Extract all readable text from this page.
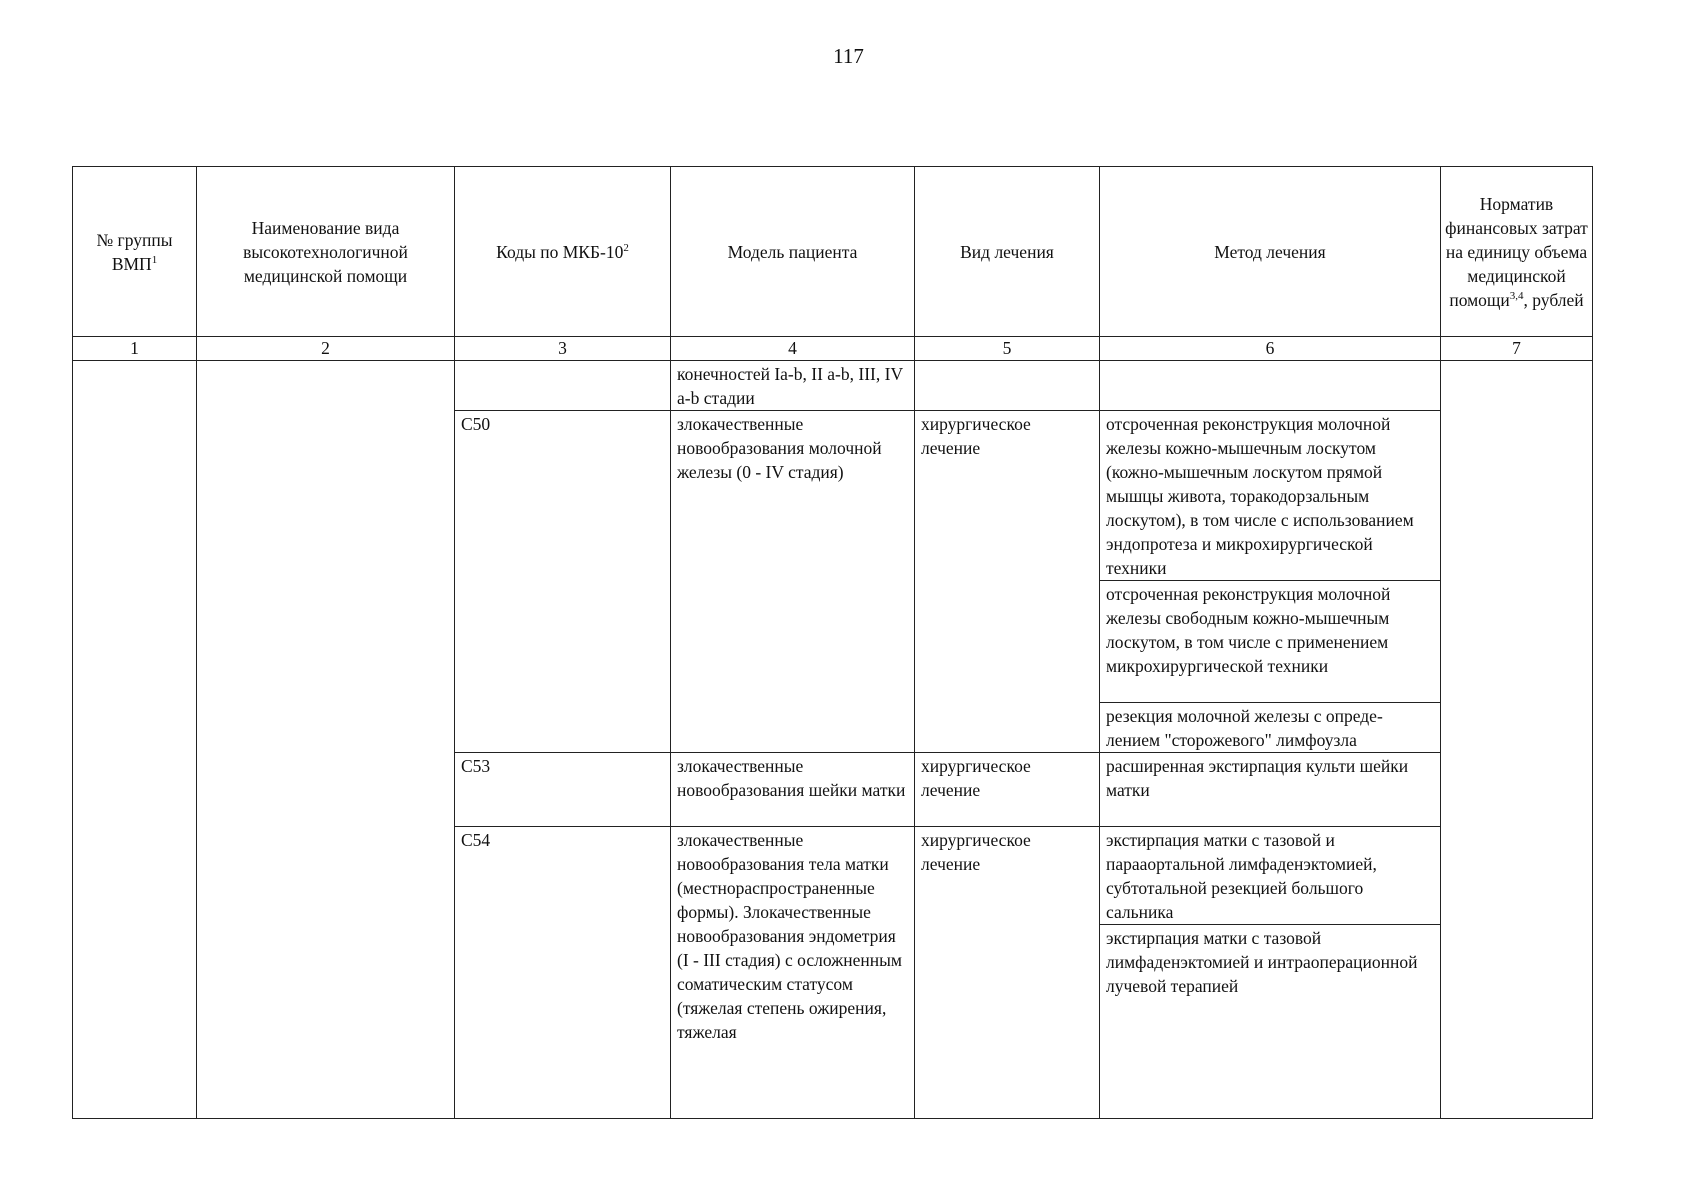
117
№ группы ВМП$^1$	Наименование вида высокотехнологичной медицинской помощи	Коды по МКБ-$10^2$	Модель пациента	Вид лечения	Метод лечения	Норматив финансовых затрат на единицу объема медицинской помощи$^{3,4}$, рублей
1	2	3	4	5	6	7
			конечностей Ia-b, II a-b, III, IV a-b стадии			
		С50	злокачественные новообразования молочной железы (0 - IV стадия)	хирургическое лечение	отсроченная реконструкция молочной железы кожно-мышечным лоскутом (кожно-мышечным лоскутом прямой мышцы живота, торакодорзальным лоскутом), в том числе с использованием эндопротеза и микрохирургической техники	
					отсроченная реконструкция молочной железы свободным кожно-мышечным лоскутом, в том числе с применением микрохирургической техники	
					резекция молочной железы с опреде-лением "сторожевого" лимфоузла	
		С53	злокачественные новообразования шейки матки	хирургическое лечение	расширенная экстирпация культи шейки матки	
		С54	злокачественные новообразования тела матки (местнораспространенные формы). Злокачественные новообразования эндометрия (I - III стадия) с осложненным соматическим статусом (тяжелая степень ожирения, тяжелая	хирургическое лечение	экстирпация матки с тазовой и парааортальной лимфаденэктомией, субтотальной резекцией большого сальника	
					экстирпация матки с тазовой лимфаденэктомией и интраоперационной лучевой терапией	
